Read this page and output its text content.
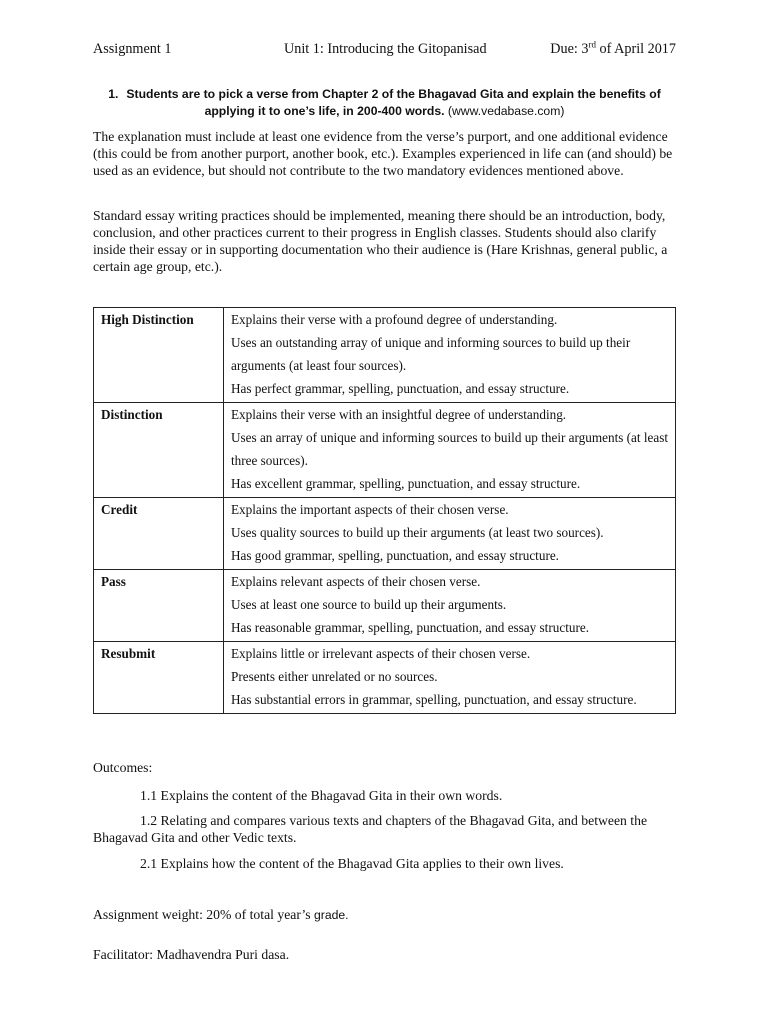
Assignment 1	Unit 1: Introducing the Gitopanisad	Due: 3rd of April 2017
1. Students are to pick a verse from Chapter 2 of the Bhagavad Gita and explain the benefits of applying it to one’s life, in 200-400 words. (www.vedabase.com)

The explanation must include at least one evidence from the verse’s purport, and one additional evidence (this could be from another purport, another book, etc.). Examples experienced in life can (and should) be used as an evidence, but should not contribute to the two mandatory evidences mentioned above.

Standard essay writing practices should be implemented, meaning there should be an introduction, body, conclusion, and other practices current to their progress in English classes. Students should also clarify inside their essay or in supporting documentation who their audience is (Hare Krishnas, general public, a certain age group, etc.).

High Distinction	Explains their verse with a profound degree of understanding.
Uses an outstanding array of unique and informing sources to build up their arguments (at least four sources).
Has perfect grammar, spelling, punctuation, and essay structure.

Distinction	Explains their verse with an insightful degree of understanding.
Uses an array of unique and informing sources to build up their arguments (at least three sources).
Has excellent grammar, spelling, punctuation, and essay structure.

Credit	Explains the important aspects of their chosen verse.
Uses quality sources to build up their arguments (at least two sources).
Has good grammar, spelling, punctuation, and essay structure.

Pass	Explains relevant aspects of their chosen verse.
Uses at least one source to build up their arguments.
Has reasonable grammar, spelling, punctuation, and essay structure.

Resubmit	Explains little or irrelevant aspects of their chosen verse.
Presents either unrelated or no sources.
Has substantial errors in grammar, spelling, punctuation, and essay structure.
Outcomes:

1.1 Explains the content of the Bhagavad Gita in their own words.

1.2 Relating and compares various texts and chapters of the Bhagavad Gita, and between the Bhagavad Gita and other Vedic texts.

2.1 Explains how the content of the Bhagavad Gita applies to their own lives.

Assignment weight: 20% of total year’s grade.
Facilitator: Madhavendra Puri dasa.
